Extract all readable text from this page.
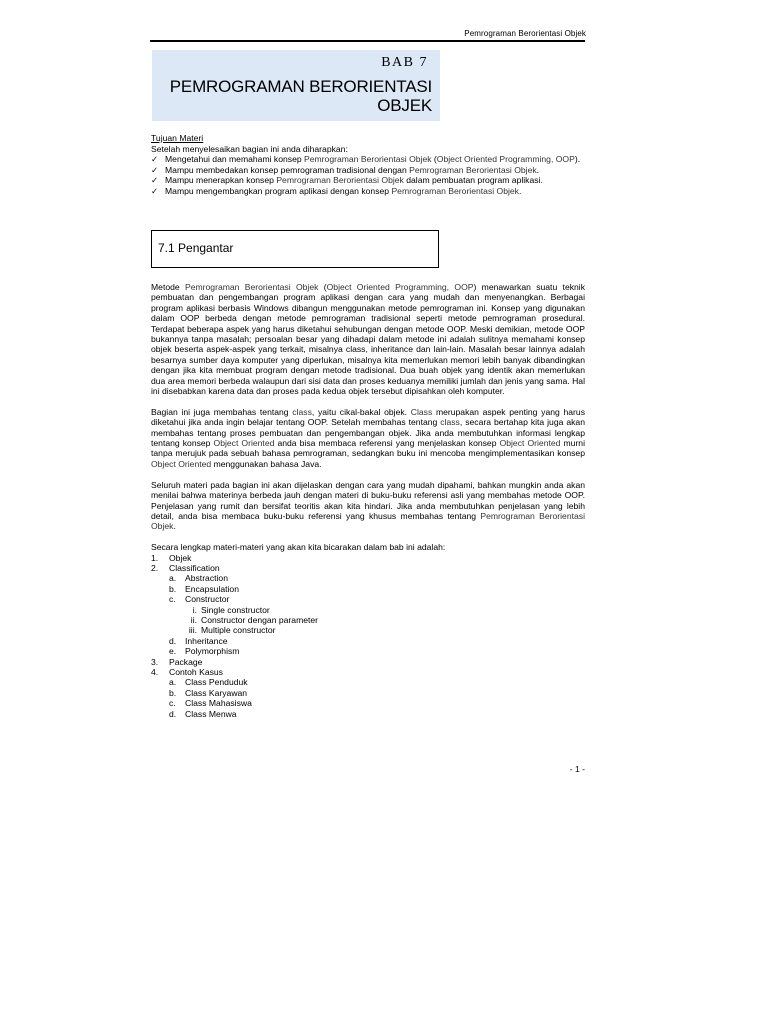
Pemrograman Berorientasi Objek
BAB 7
PEMROGRAMAN BERORIENTASI
OBJEK
Tujuan Materi
Setelah menyelesaikan bagian ini anda diharapkan:
✓ Mengetahui dan memahami konsep Pemrograman Berorientasi Objek (Object Oriented Programming, OOP).
✓ Mampu membedakan konsep pemrograman tradisional dengan Pemrograman Berorientasi Objek.
✓ Mampu menerapkan konsep Pemrograman Berorientasi Objek dalam pembuatan program aplikasi.
✓ Mampu mengembangkan program aplikasi dengan konsep Pemrograman Berorientasi Objek.
7.1 Pengantar

Metode Pemrograman Berorientasi Objek (Object Oriented Programming, OOP) menawarkan suatu teknik pembuatan dan pengembangan program aplikasi dengan cara yang mudah dan menyenangkan. Berbagai program aplikasi berbasis Windows dibangun menggunakan metode pemrograman ini. Konsep yang digunakan dalam OOP berbeda dengan metode pemrograman tradisional seperti metode pemrograman prosedural. Terdapat beberapa aspek yang harus diketahui sehubungan dengan metode OOP. Meski demikian, metode OOP bukannya tanpa masalah; persoalan besar yang dihadapi dalam metode ini adalah sulitnya memahami konsep objek beserta aspek-aspek yang terkait, misalnya class, inheritance dan lain-lain. Masalah besar lainnya adalah besarnya sumber daya komputer yang diperlukan, misalnya kita memerlukan memori lebih banyak dibandingkan dengan jika kita membuat program dengan metode tradisional. Dua buah objek yang identik akan memerlukan dua area memori berbeda walaupun dari sisi data dan proses keduanya memiliki jumlah dan jenis yang sama. Hal ini disebabkan karena data dan proses pada kedua objek tersebut dipisahkan oleh komputer.

Bagian ini juga membahas tentang class, yaitu cikal-bakal objek. Class merupakan aspek penting yang harus diketahui jika anda ingin belajar tentang OOP. Setelah membahas tentang class, secara bertahap kita juga akan membahas tentang proses pembuatan dan pengembangan objek. Jika anda membutuhkan informasi lengkap tentang konsep Object Oriented anda bisa membaca referensi yang menjelaskan konsep Object Oriented murni tanpa merujuk pada sebuah bahasa pemrograman, sedangkan buku ini mencoba mengimplementasikan konsep Object Oriented menggunakan bahasa Java.

Seluruh materi pada bagian ini akan dijelaskan dengan cara yang mudah dipahami, bahkan mungkin anda akan menilai bahwa materinya berbeda jauh dengan materi di buku-buku referensi asli yang membahas metode OOP. Penjelasan yang rumit dan bersifat teoritis akan kita hindari. Jika anda membutuhkan penjelasan yang lebih detail, anda bisa membaca buku-buku referensi yang khusus membahas tentang Pemrograman Berorientasi Objek.

Secara lengkap materi-materi yang akan kita bicarakan dalam bab ini adalah:
1. Objek
2. Classification
a. Abstraction
b. Encapsulation
c. Constructor
i. Single constructor
ii. Constructor dengan parameter
iii. Multiple constructor
d. Inheritance
e. Polymorphism
3. Package
4. Contoh Kasus
a. Class Penduduk
b. Class Karyawan
c. Class Mahasiswa
d. Class Menwa
- 1 -
